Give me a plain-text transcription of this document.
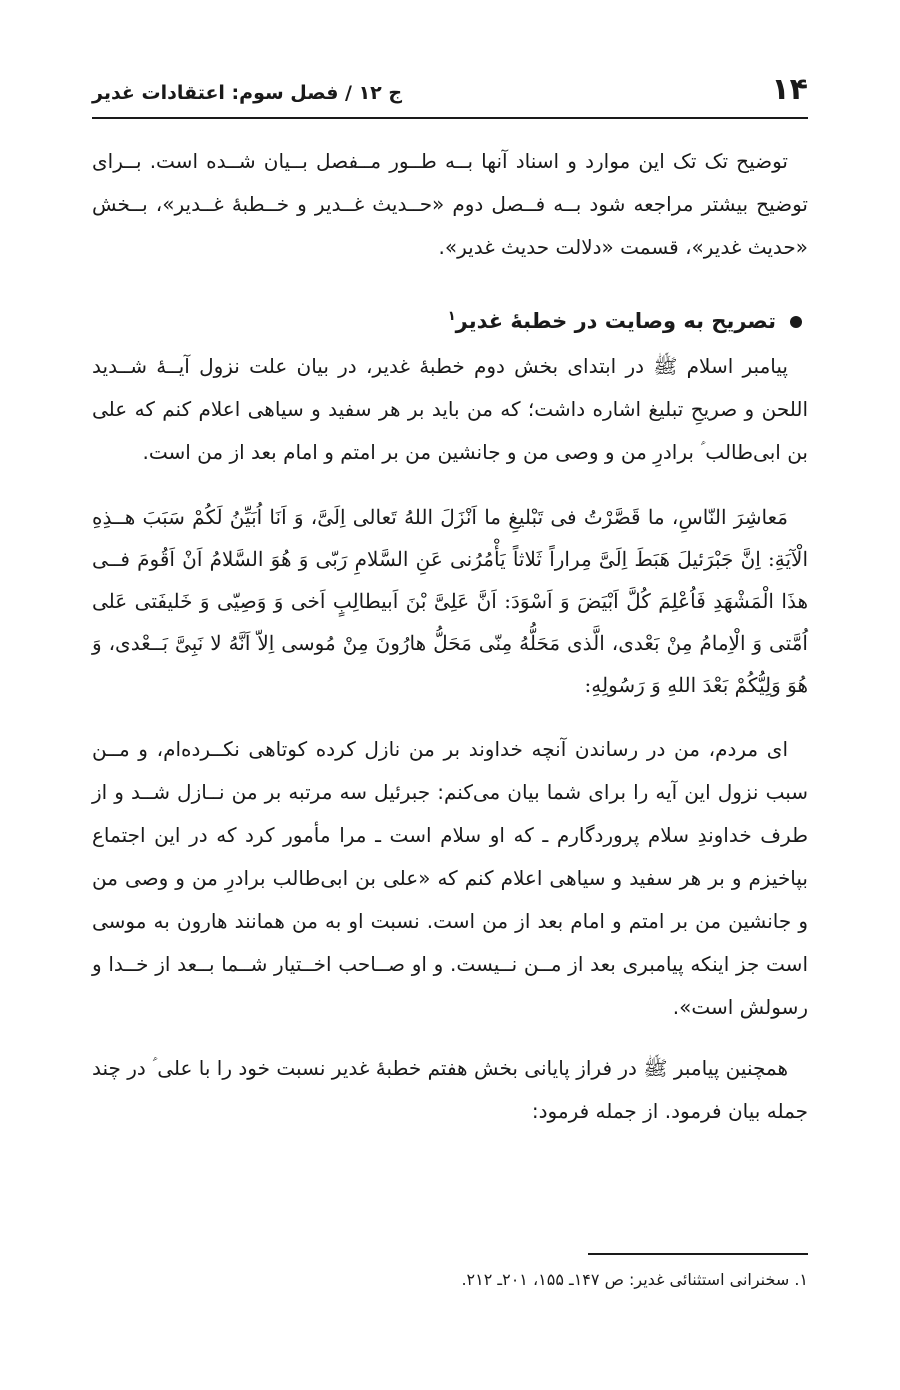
۱۴
ج ۱۲ / فصل سوم: اعتقادات غدیر

توضیح تک تک این موارد و اسناد آنها بــه طــور مــفصل بــیان شــده است. بــرای توضیح بیشتر مراجعه شود بــه فــصل دوم «حــدیث غــدیر و خــطبهٔ غــدیر»، بــخش «حدیث غدیر»، قسمت «دلالت حدیث غدیر».

تصریح به وصایت در خطبهٔ غدیر$^۱$

پیامبر اسلام ﷺ در ابتدای بخش دوم خطبهٔ غدیر، در بیان علت نزول آیــهٔ شــدید اللحن و صریحِ تبلیغ اشاره داشت؛ که من باید بر هر سفید و سیاهی اعلام کنم که علی بن ابی‌طالب ؑ برادرِ من و وصی من و جانشین من بر امتم و امام بعد از من است.

مَعاشِرَ النّاسِ، ما قَصَّرْتُ فی تَبْلیغِ ما اَنْزَلَ اللهُ تَعالی اِلَیَّ، وَ اَنَا اُبَیِّنُ لَکُمْ سَبَبَ هــذِهِ الْآیَةِ: اِنَّ جَبْرَئیلَ هَبَطَ اِلَیَّ مِراراً ثَلاثاً یَأْمُرُنی عَنِ السَّلامِ رَبّی وَ هُوَ السَّلامُ اَنْ اَقُومَ فــی هذَا الْمَشْهَدِ فَاُعْلِمَ کُلَّ اَبْیَضَ وَ اَسْوَدَ: اَنَّ عَلِیَّ بْنَ اَبیطالِبٍ اَخی وَ وَصِیّی وَ خَلیفَتی عَلی اُمَّتی وَ الْاِمامُ مِنْ بَعْدی، الَّذی مَحَلُّهُ مِنّی مَحَلُّ هارُونَ مِنْ مُوسی اِلاّ اَنَّهُ لا نَبِیَّ بَــعْدی، وَ هُوَ وَلِیُّکُمْ بَعْدَ اللهِ وَ رَسُولِهِ:

ای مردم، من در رساندن آنچه خداوند بر من نازل کرده کوتاهی نکــرده‌ام، و مــن سبب نزول این آیه را برای شما بیان می‌کنم: جبرئیل سه مرتبه بر من نــازل شــد و از طرف خداوندِ سلام پروردگارم ـ که او سلام است ـ مرا مأمور کرد که در این اجتماع بپاخیزم و بر هر سفید و سیاهی اعلام کنم که «علی بن ابی‌طالب برادرِ من و وصی من و جانشین من بر امتم و امام بعد از من است. نسبت او به من همانند هارون به موسی است جز اینکه پیامبری بعد از مــن نــیست. و او صــاحب اخــتیار شــما بــعد از خــدا و رسولش است».

همچنین پیامبر ﷺ در فراز پایانی بخش هفتم خطبهٔ غدیر نسبت خود را با علی ؑ در چند جمله بیان فرمود. از جمله فرمود:

۱. سخنرانی استثنائی غدیر: ص ۱۴۷ـ ۱۵۵، ۲۰۱ـ ۲۱۲.
